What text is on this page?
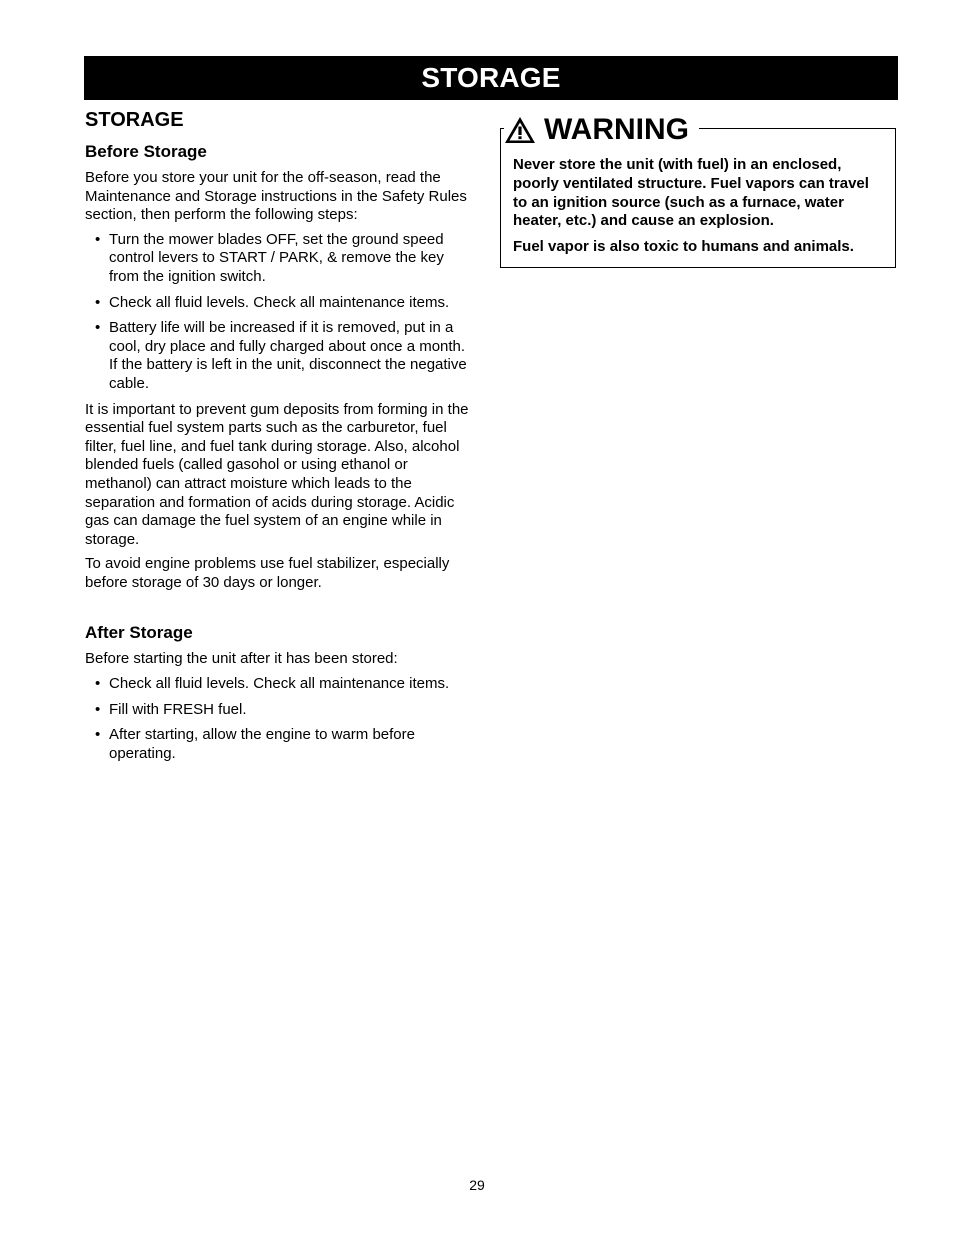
STORAGE
STORAGE
Before Storage

Before you store your unit for the off-season, read the Maintenance and Storage instructions in the Safety Rules section, then perform the following steps:

• Turn the mower blades OFF, set the ground speed control levers to START / PARK, & remove the key from the ignition switch.
• Check all fluid levels. Check all maintenance items.
• Battery life will be increased if it is removed, put in a cool, dry place and fully charged about once a month. If the battery is left in the unit, disconnect the negative cable.

It is important to prevent gum deposits from forming in the essential fuel system parts such as the carburetor, fuel filter, fuel line, and fuel tank during storage. Also, alcohol blended fuels (called gasohol or using ethanol or methanol) can attract moisture which leads to the separation and formation of acids during storage. Acidic gas can damage the fuel system of an engine while in storage.

To avoid engine problems use fuel stabilizer, especially before storage of 30 days or longer.

After Storage

Before starting the unit after it has been stored:

• Check all fluid levels. Check all maintenance items.
• Fill with FRESH fuel.
• After starting, allow the engine to warm before operating.
WARNING

Never store the unit (with fuel) in an enclosed, poorly ventilated structure. Fuel vapors can travel to an ignition source (such as a furnace, water heater, etc.) and cause an explosion.

Fuel vapor is also toxic to humans and animals.

29
